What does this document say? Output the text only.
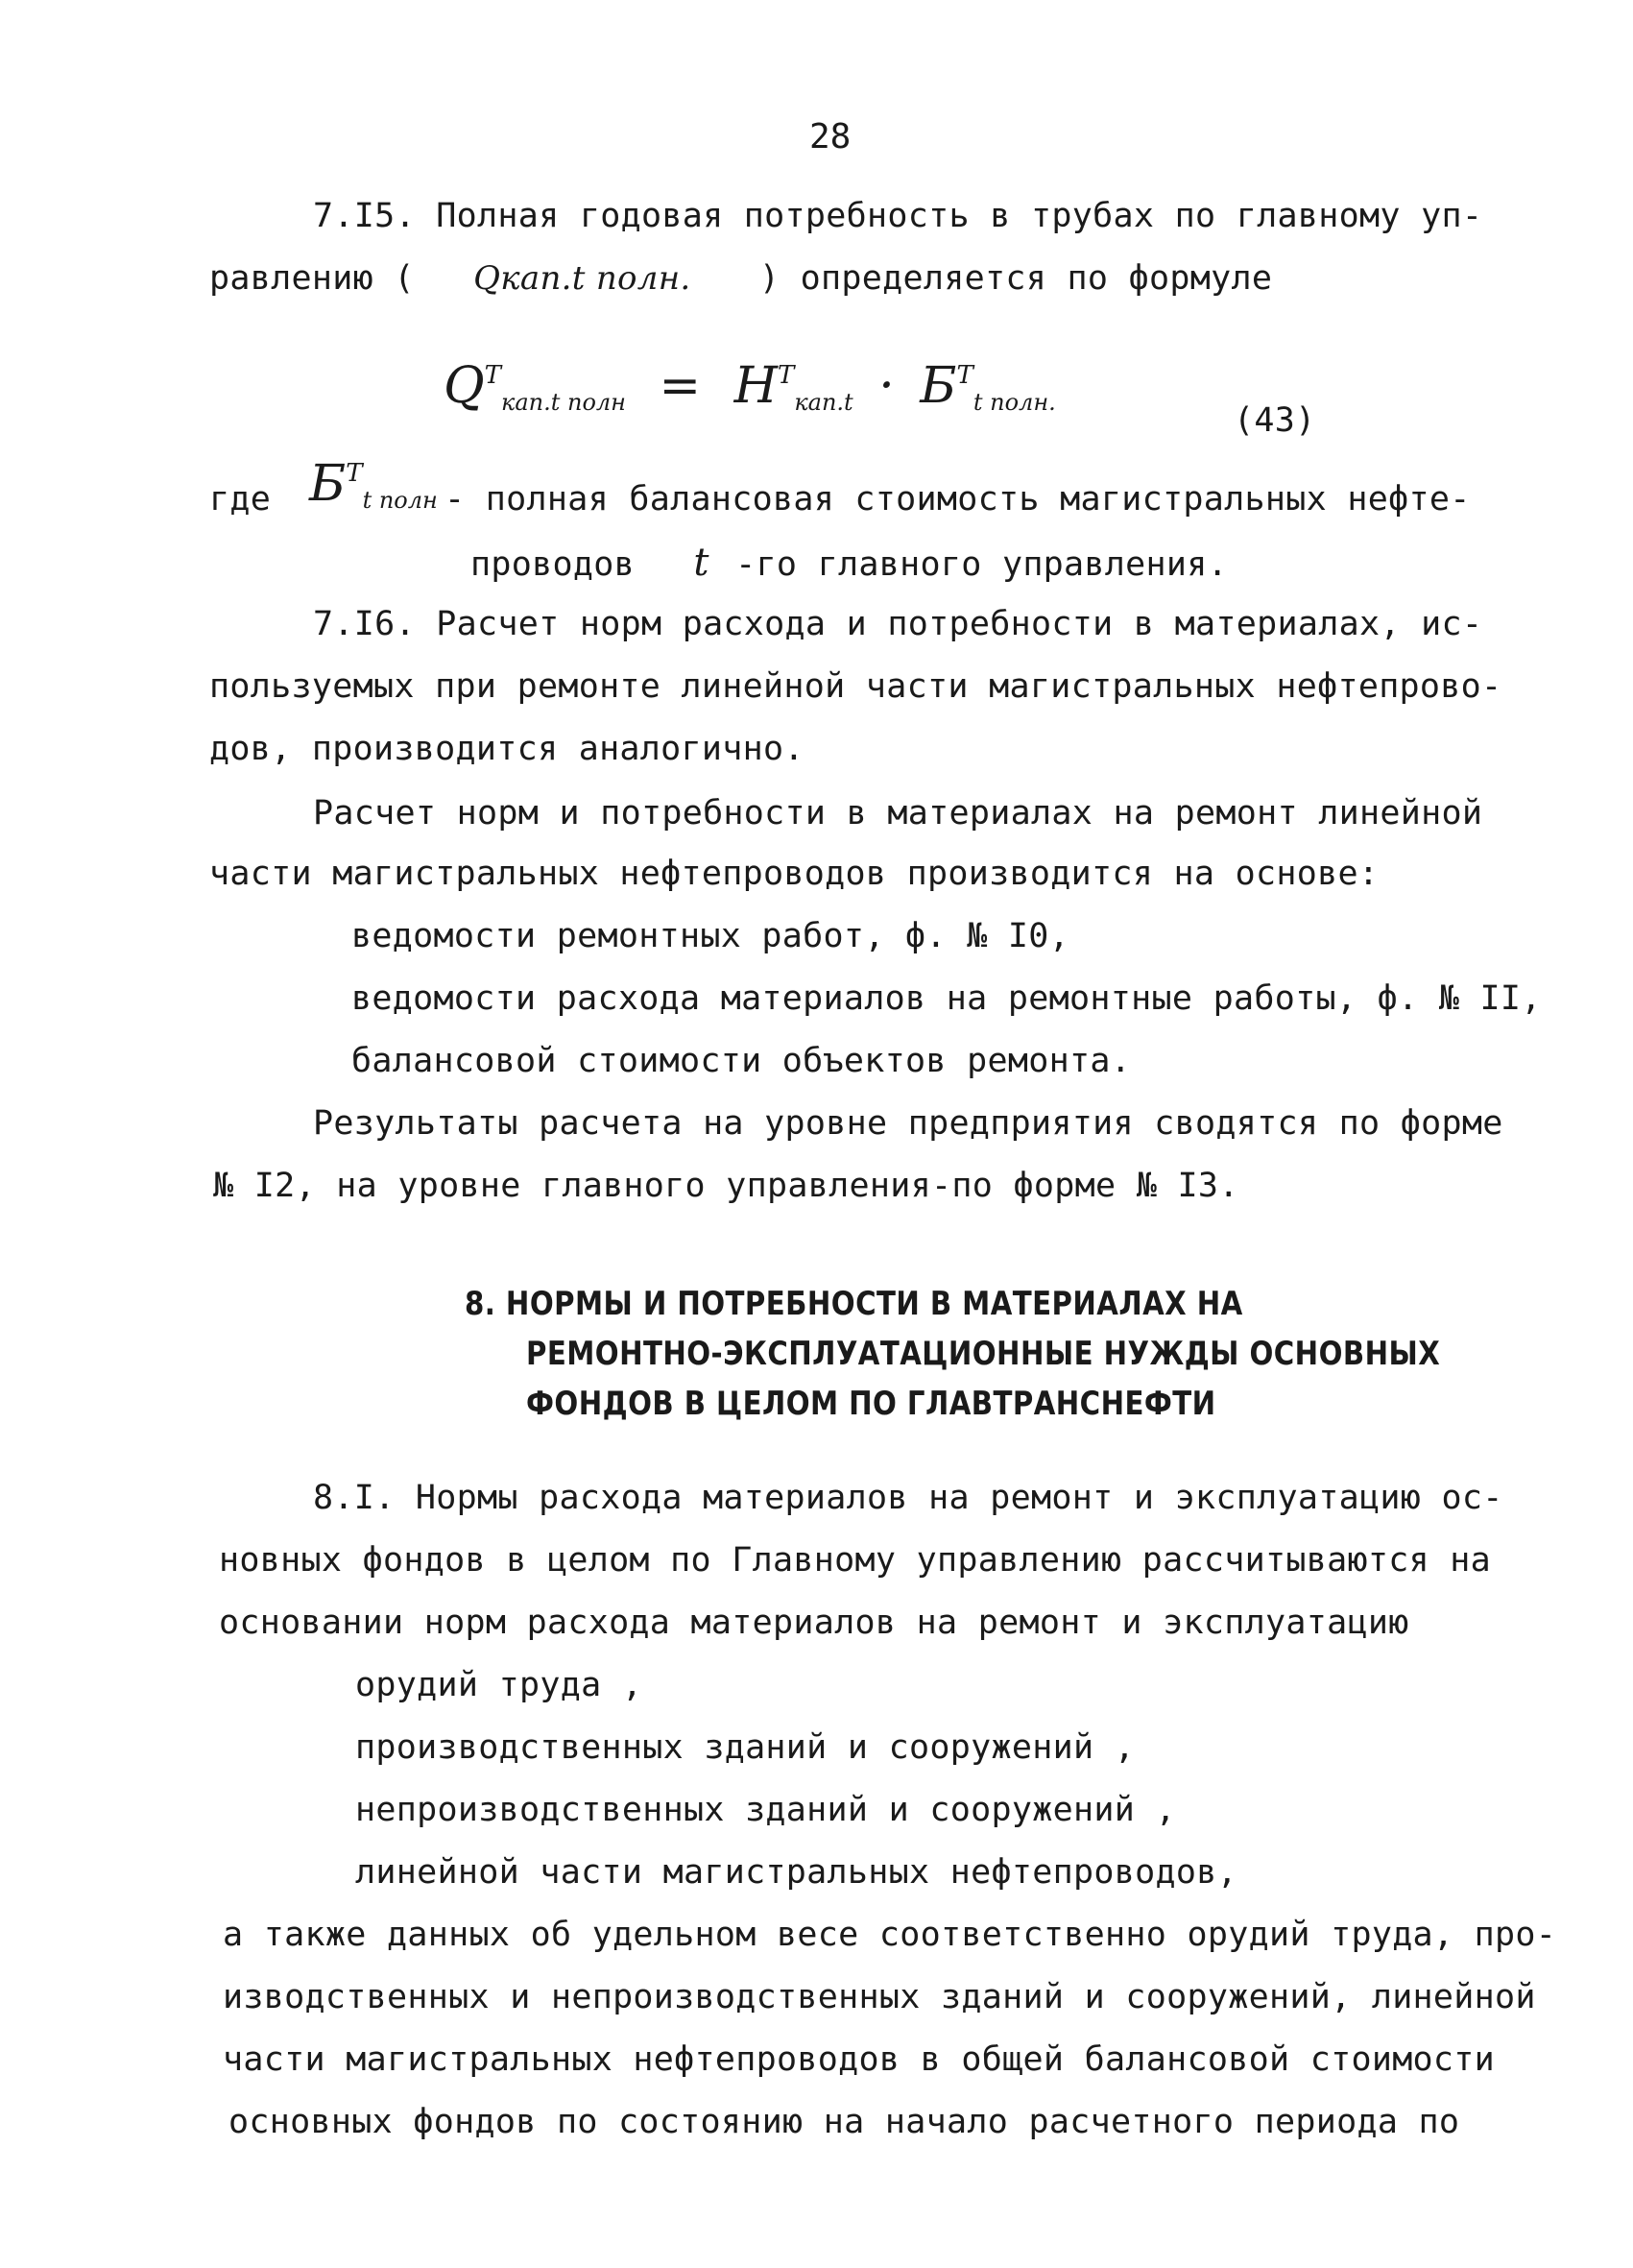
28
7.I5. Полная годовая потребность в трубах по главному уп-
равлению ( Qкап.t полн. ) определяется по формуле
$Q^Tкап.t$ полн = $H^Tкап.t \cdot Б^Tt$ полн.	(43)
где $Б^Tt$ полн - полная балансовая стоимость магистральных нефте-
проводов t -го главного управления.
7.I6. Расчет норм расхода и потребности в материалах, ис-
пользуемых при ремонте линейной части магистральных нефтепрово-
дов, производится аналогично.
Расчет норм и потребности в материалах на ремонт линейной
части магистральных нефтепроводов производится на основе:
ведомости ремонтных работ, ф. № I0,
ведомости расхода материалов на ремонтные работы, ф. № II,
балансовой стоимости объектов ремонта.
Результаты расчета на уровне предприятия сводятся по форме
№ I2, на уровне главного управления-по форме № I3.
8. НОРМЫ И ПОТРЕБНОСТИ В МАТЕРИАЛАХ НА
РЕМОНТНО-ЭКСПЛУАТАЦИОННЫЕ НУЖДЫ ОСНОВНЫХ
ФОНДОВ В ЦЕЛОМ ПО ГЛАВТРАНСНЕФТИ
8.I. Нормы расхода материалов на ремонт и эксплуатацию ос-
новных фондов в целом по Главному управлению рассчитываются на
основании норм расхода материалов на ремонт и эксплуатацию
орудий труда ,
производственных зданий и сооружений ,
непроизводственных зданий и сооружений ,
линейной части магистральных нефтепроводов,
а также данных об удельном весе соответственно орудий труда, про-
изводственных и непроизводственных зданий и сооружений, линейной
части магистральных нефтепроводов в общей балансовой стоимости
основных фондов по состоянию на начало расчетного периода по
